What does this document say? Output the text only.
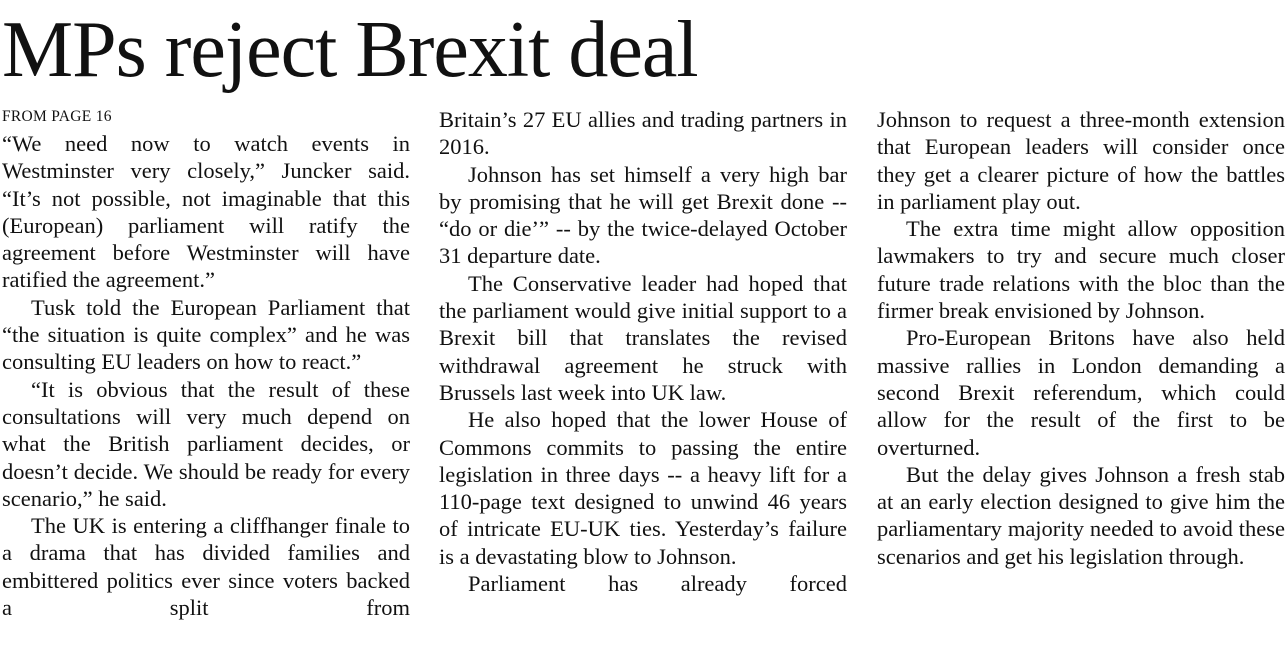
MPs reject Brexit deal
FROM PAGE 16

“We need now to watch events in Westminster very closely,” Juncker said. “It’s not possible, not imaginable that this (European) parliament will ratify the agreement before Westminster will have ratified the agreement.”

Tusk told the European Parliament that “the situation is quite complex” and he was consulting EU leaders on how to react.”

“It is obvious that the result of these consultations will very much depend on what the British parliament decides, or doesn’t decide. We should be ready for every scenario,” he said.

The UK is entering a cliffhanger finale to a drama that has divided families and embittered politics ever since voters backed a split from

Britain’s 27 EU allies and trading partners in 2016.

Johnson has set himself a very high bar by promising that he will get Brexit done -- “do or die’” -- by the twice-delayed October 31 departure date.

The Conservative leader had hoped that the parliament would give initial support to a Brexit bill that translates the revised withdrawal agreement he struck with Brussels last week into UK law.

He also hoped that the lower House of Commons commits to passing the entire legislation in three days -- a heavy lift for a 110-page text designed to unwind 46 years of intricate EU-UK ties. Yesterday’s failure is a devastating blow to Johnson.

Parliament has already forced

Johnson to request a three-month extension that European leaders will consider once they get a clearer picture of how the battles in parliament play out.

The extra time might allow opposition lawmakers to try and secure much closer future trade relations with the bloc than the firmer break envisioned by Johnson.

Pro-European Britons have also held massive rallies in London demanding a second Brexit referendum, which could allow for the result of the first to be overturned.

But the delay gives Johnson a fresh stab at an early election designed to give him the parliamentary majority needed to avoid these scenarios and get his legislation through.
